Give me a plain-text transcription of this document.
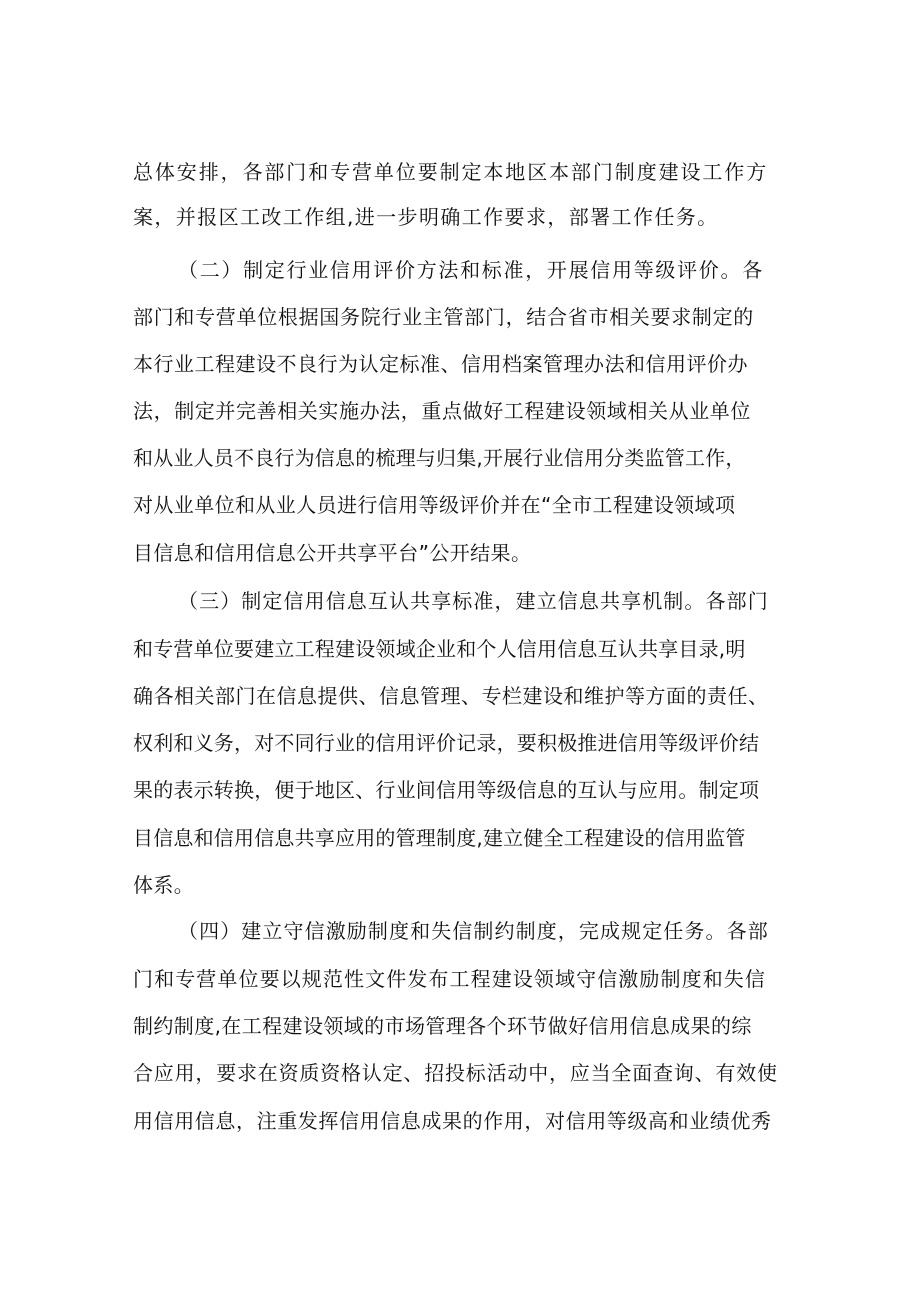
总体安排，各部门和专营单位要制定本地区本部门制度建设工作方
案，并报区工改工作组,进一步明确工作要求，部署工作任务。
（二）制定行业信用评价方法和标准，开展信用等级评价。各
部门和专营单位根据国务院行业主管部门，结合省市相关要求制定的
本行业工程建设不良行为认定标准、信用档案管理办法和信用评价办
法，制定并完善相关实施办法，重点做好工程建设领域相关从业单位
和从业人员不良行为信息的梳理与归集,开展行业信用分类监管工作，
对从业单位和从业人员进行信用等级评价并在“全市工程建设领域项
目信息和信用信息公开共享平台”公开结果。
（三）制定信用信息互认共享标准，建立信息共享机制。各部门
和专营单位要建立工程建设领域企业和个人信用信息互认共享目录,明
确各相关部门在信息提供、信息管理、专栏建设和维护等方面的责任、
权利和义务，对不同行业的信用评价记录，要积极推进信用等级评价结
果的表示转换，便于地区、行业间信用等级信息的互认与应用。制定项
目信息和信用信息共享应用的管理制度,建立健全工程建设的信用监管
体系。
（四）建立守信激励制度和失信制约制度，完成规定任务。各部
门和专营单位要以规范性文件发布工程建设领域守信激励制度和失信
制约制度,在工程建设领域的市场管理各个环节做好信用信息成果的综
合应用，要求在资质资格认定、招投标活动中，应当全面查询、有效使
用信用信息，注重发挥信用信息成果的作用，对信用等级高和业绩优秀
